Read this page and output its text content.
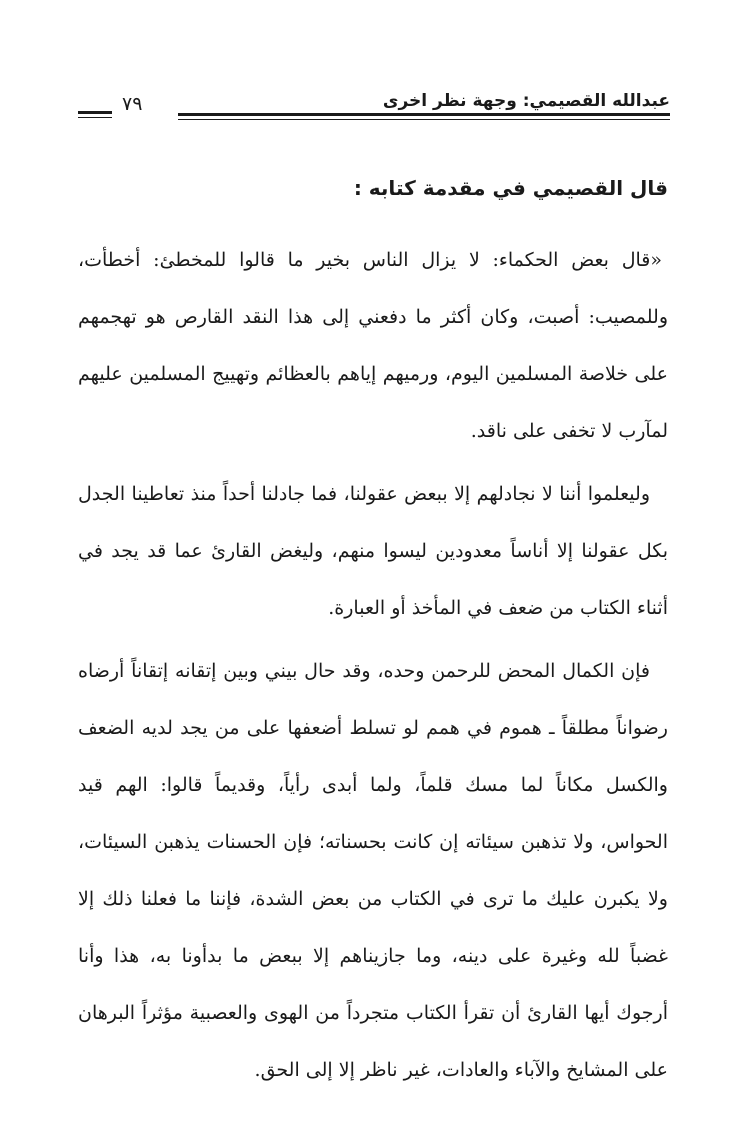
عبدالله القصيمي: وجهة نظر اخرى
٧٩
قال القصيمي في مقدمة كتابه :

«قال بعض الحكماء: لا يزال الناس بخير ما قالوا للمخطئ: أخطأت، وللمصيب: أصبت، وكان أكثر ما دفعني إلى هذا النقد القارص هو تهجمهم على خلاصة المسلمين اليوم، ورميهم إياهم بالعظائم وتهييج المسلمين عليهم لمآرب لا تخفى على ناقد.

وليعلموا أننا لا نجادلهم إلا ببعض عقولنا، فما جادلنا أحداً منذ تعاطينا الجدل بكل عقولنا إلا أناساً معدودين ليسوا منهم، وليغض القارئ عما قد يجد في أثناء الكتاب من ضعف في المأخذ أو العبارة.

فإن الكمال المحض للرحمن وحده، وقد حال بيني وبين إتقانه إتقاناً أرضاه رضواناً مطلقاً ـ هموم في همم لو تسلط أضعفها على من يجد لديه الضعف والكسل مكاناً لما مسك قلماً، ولما أبدى رأياً، وقديماً قالوا: الهم قيد الحواس، ولا تذهبن سيئاته إن كانت بحسناته؛ فإن الحسنات يذهبن السيئات، ولا يكبرن عليك ما ترى في الكتاب من بعض الشدة، فإننا ما فعلنا ذلك إلا غضباً لله وغيرة على دينه، وما جازيناهم إلا ببعض ما بدأونا به، هذا وأنا أرجوك أيها القارئ أن تقرأ الكتاب متجرداً من الهوى والعصبية مؤثراً البرهان على المشايخ والآباء والعادات، غير ناظر إلا إلى الحق.
